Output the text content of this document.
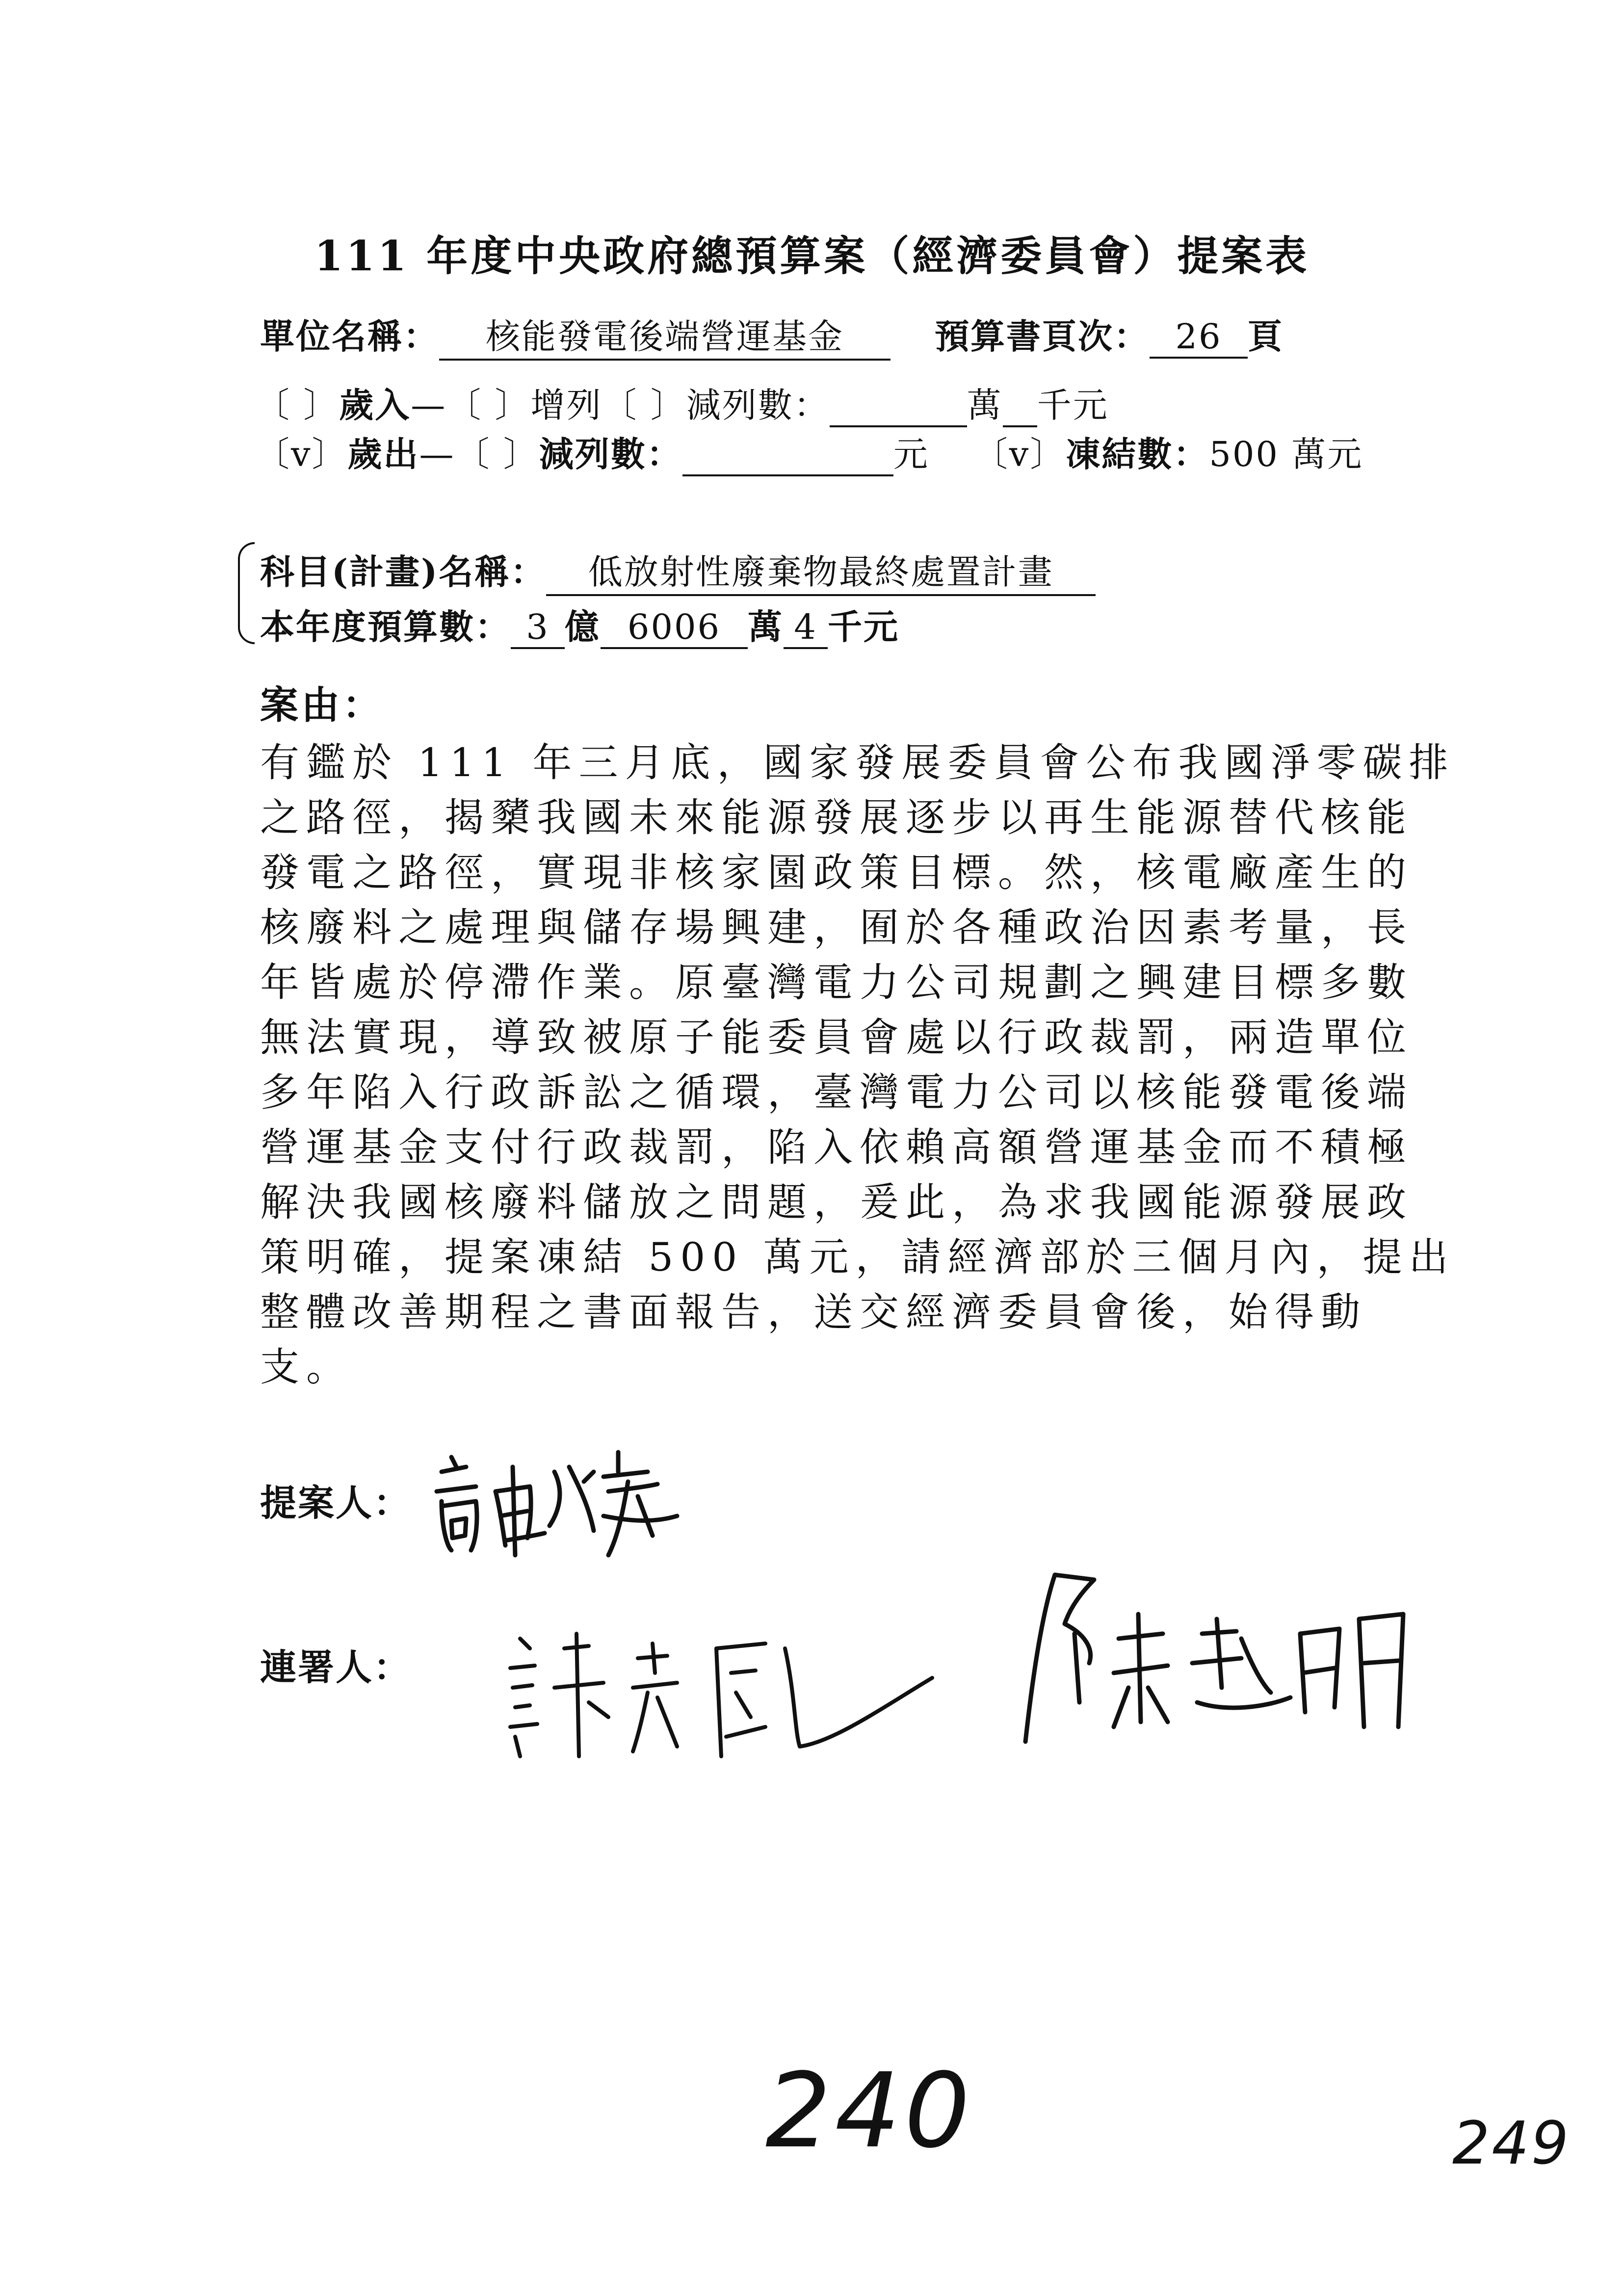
111 年度中央政府總預算案（經濟委員會）提案表
單位名稱： 核能發電後端營運基金	預算書頁次： 26 頁
〔 〕歲入—〔 〕增列〔 〕減列數：	萬 千元
〔v〕歲出—〔 〕減列數：	元 〔v〕凍結數：500 萬元
科目(計畫)名稱： 低放射性廢棄物最終處置計畫
本年度預算數： 3 億 6006 萬 4 千元
案由：
有鑑於 111 年三月底，國家發展委員會公布我國淨零碳排
之路徑，揭櫫我國未來能源發展逐步以再生能源替代核能
發電之路徑，實現非核家園政策目標。然，核電廠產生的
核廢料之處理與儲存場興建，囿於各種政治因素考量，長
年皆處於停滯作業。原臺灣電力公司規劃之興建目標多數
無法實現，導致被原子能委員會處以行政裁罰，兩造單位
多年陷入行政訴訟之循環，臺灣電力公司以核能發電後端
營運基金支付行政裁罰，陷入依賴高額營運基金而不積極
解決我國核廢料儲放之問題，爰此，為求我國能源發展政
策明確，提案凍結 500 萬元，請經濟部於三個月內，提出
整體改善期程之書面報告，送交經濟委員會後，始得動
支。
提案人：
連署人：
240	249
